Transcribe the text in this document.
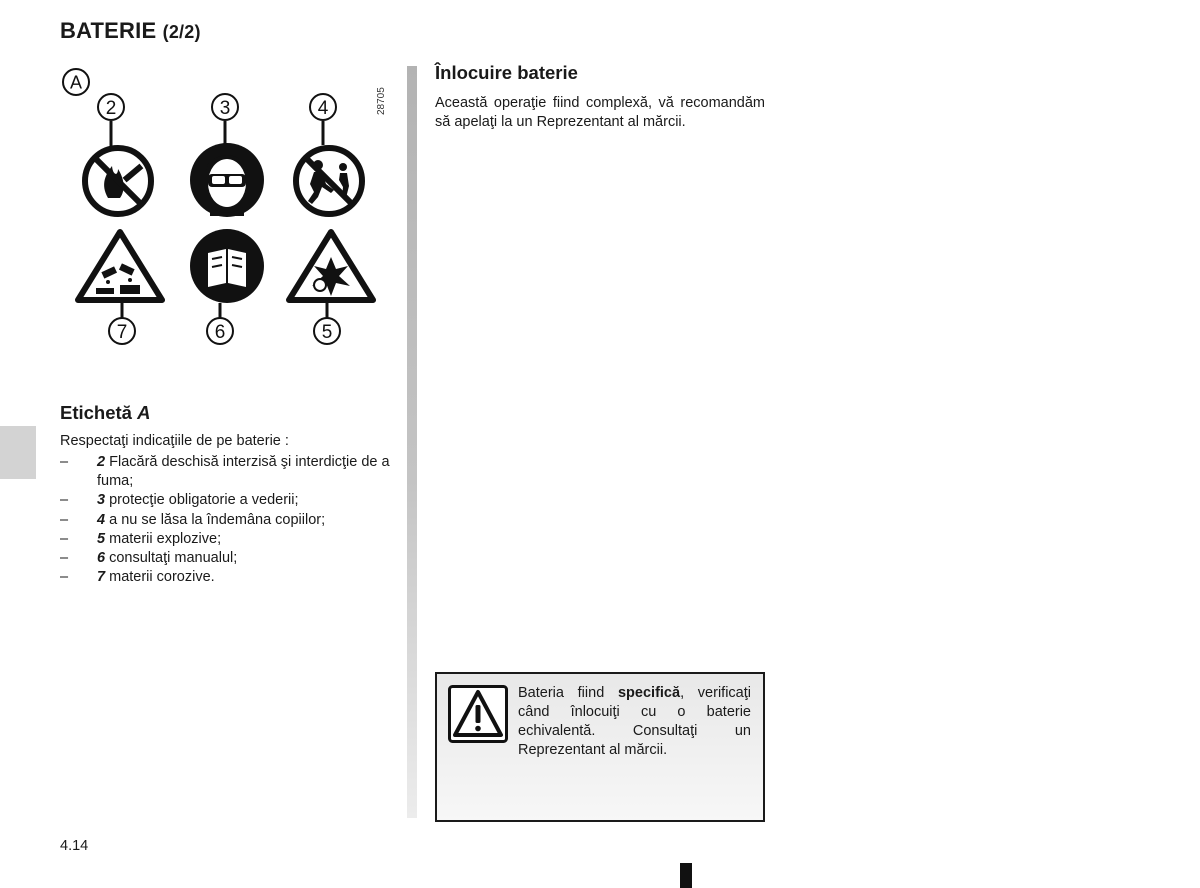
BATERIE (2/2)
A
2	3	4
7	6	5
28705
Etichetă A
Respectaţi indicaţiile de pe baterie :
– 2 Flacără deschisă interzisă şi interdicţie de a fuma;
– 3 protecţie obligatorie a vederii;
– 4 a nu se lăsa la îndemâna copiilor;
– 5 materii explozive;
– 6 consultaţi manualul;
– 7 materii corozive.
Înlocuire baterie
Această operaţie fiind complexă, vă recomandăm să apelaţi la un Reprezentant al mărcii.
Bateria fiind specifică, verificaţi când înlocuiţi cu o baterie echivalentă. Consultaţi un Reprezentant al mărcii.
4.14
